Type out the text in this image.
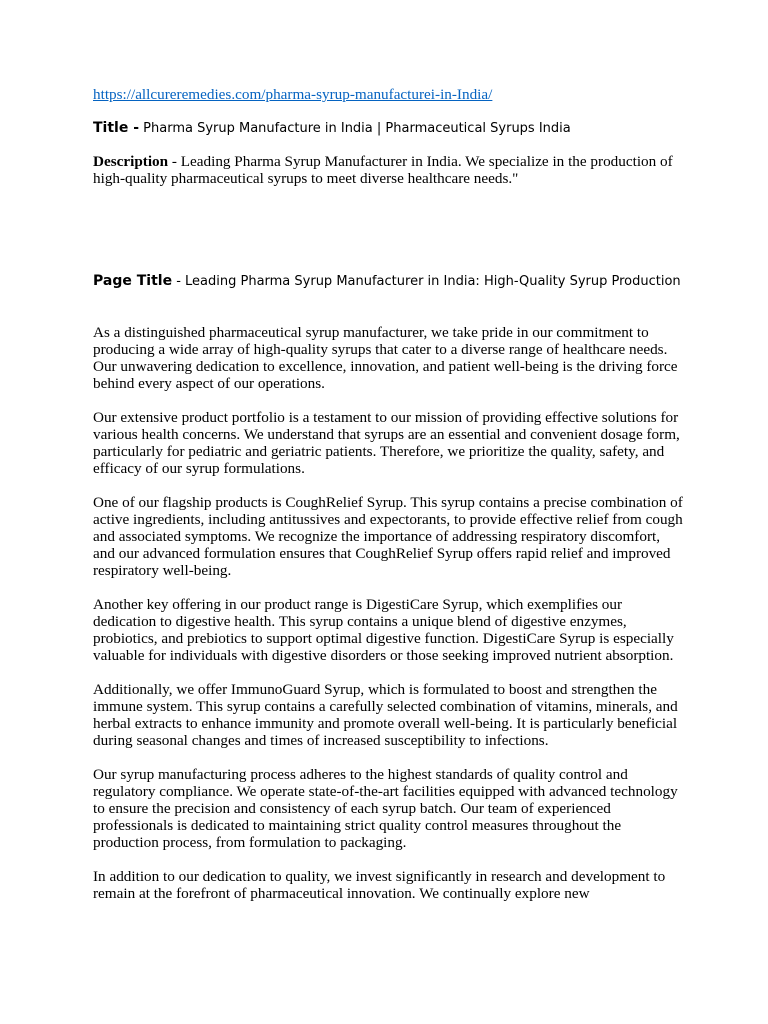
https://allcureremedies.com/pharma-syrup-manufacturei-in-India/
Title - Pharma Syrup Manufacture in India | Pharmaceutical Syrups India
Description - Leading Pharma Syrup Manufacturer in India. We specialize in the production of high-quality pharmaceutical syrups to meet diverse healthcare needs."
Page Title - Leading Pharma Syrup Manufacturer in India: High-Quality Syrup Production

As a distinguished pharmaceutical syrup manufacturer, we take pride in our commitment to producing a wide array of high-quality syrups that cater to a diverse range of healthcare needs. Our unwavering dedication to excellence, innovation, and patient well-being is the driving force behind every aspect of our operations.

Our extensive product portfolio is a testament to our mission of providing effective solutions for various health concerns. We understand that syrups are an essential and convenient dosage form, particularly for pediatric and geriatric patients. Therefore, we prioritize the quality, safety, and efficacy of our syrup formulations.

One of our flagship products is CoughRelief Syrup. This syrup contains a precise combination of active ingredients, including antitussives and expectorants, to provide effective relief from cough and associated symptoms. We recognize the importance of addressing respiratory discomfort, and our advanced formulation ensures that CoughRelief Syrup offers rapid relief and improved respiratory well-being.

Another key offering in our product range is DigestiCare Syrup, which exemplifies our dedication to digestive health. This syrup contains a unique blend of digestive enzymes, probiotics, and prebiotics to support optimal digestive function. DigestiCare Syrup is especially valuable for individuals with digestive disorders or those seeking improved nutrient absorption.

Additionally, we offer ImmunoGuard Syrup, which is formulated to boost and strengthen the immune system. This syrup contains a carefully selected combination of vitamins, minerals, and herbal extracts to enhance immunity and promote overall well-being. It is particularly beneficial during seasonal changes and times of increased susceptibility to infections.

Our syrup manufacturing process adheres to the highest standards of quality control and regulatory compliance. We operate state-of-the-art facilities equipped with advanced technology to ensure the precision and consistency of each syrup batch. Our team of experienced professionals is dedicated to maintaining strict quality control measures throughout the production process, from formulation to packaging.

In addition to our dedication to quality, we invest significantly in research and development to remain at the forefront of pharmaceutical innovation. We continually explore new
